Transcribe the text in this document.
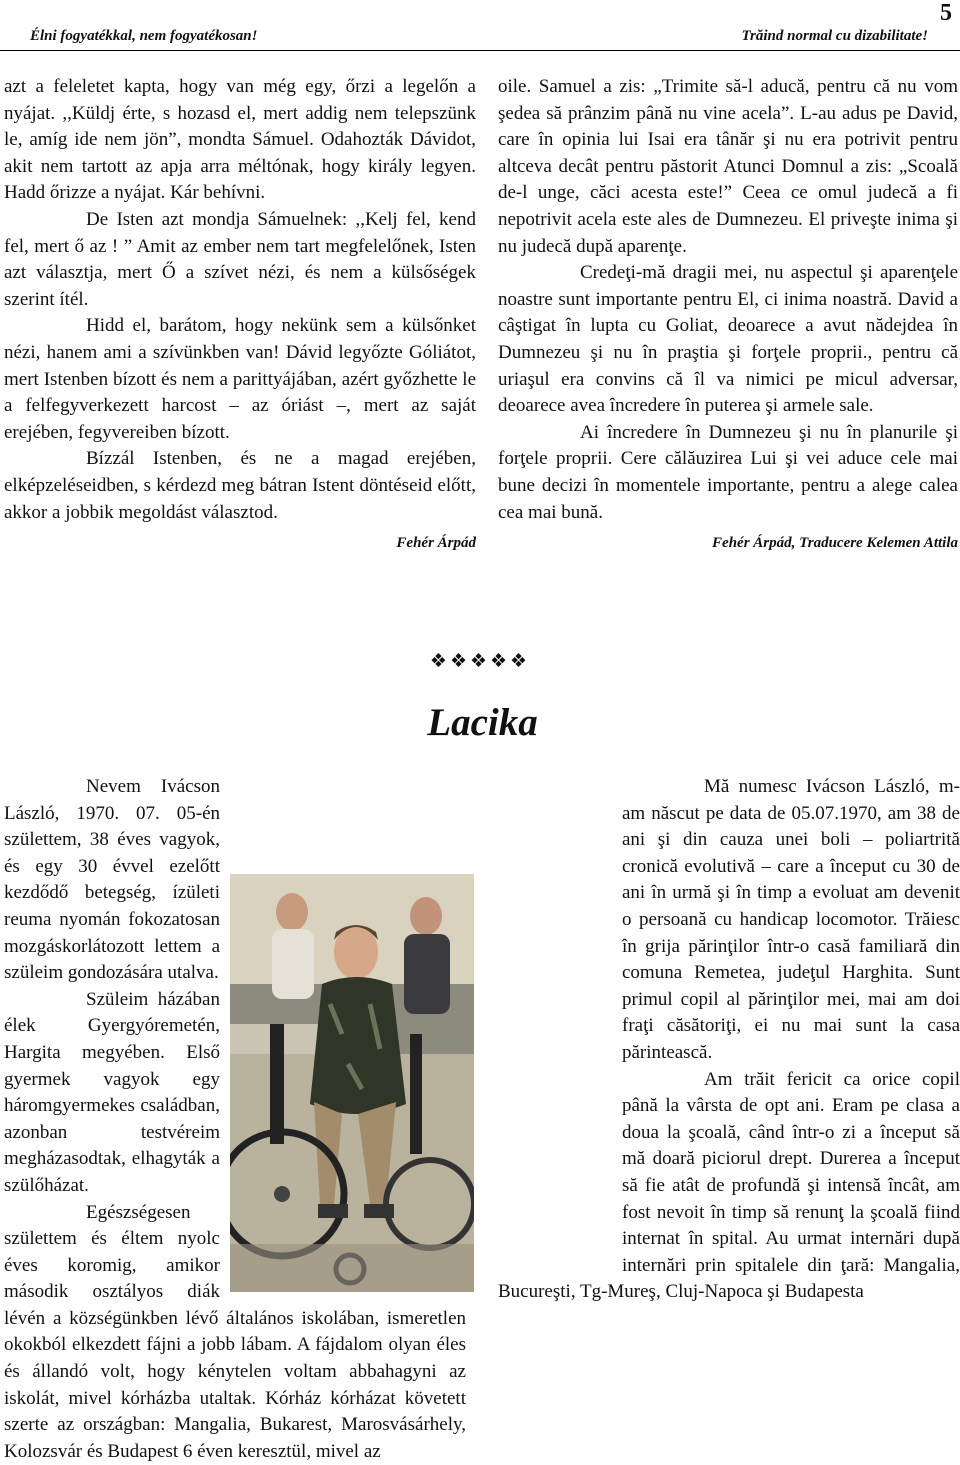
Élni fogyatékkal, nem fogyatékosan!	Trăind normal cu dizabilitate!
5

azt a feleletet kapta, hogy van még egy, őrzi a legelőn a nyájat. ,,Küldj érte, s hozasd el, mert addig nem telepszünk le, amíg ide nem jön”, mondta Sámuel. Odahozták Dávidot, akit nem tartott az apja arra méltónak, hogy király legyen. Hadd őrizze a nyájat. Kár behívni.

De Isten azt mondja Sámuelnek: ,,Kelj fel, kend fel, mert ő az ! ” Amit az ember nem tart megfelelőnek, Isten azt választja, mert Ő a szívet nézi, és nem a külsőségek szerint ítél.

Hidd el, barátom, hogy nekünk sem a külsőnket nézi, hanem ami a szívünkben van! Dávid legyőzte Góliátot, mert Istenben bízott és nem a parittyájában, azért győzhette le a felfegyverkezett harcost – az óriást –, mert az saját erejében, fegyvereiben bízott.

Bízzál Istenben, és ne a magad erejében, elképzeléseidben, s kérdezd meg bátran Istent döntéseid előtt, akkor a jobbik megoldást választod.

Fehér Árpád

oile. Samuel a zis: „Trimite să-l aducă, pentru că nu vom şedea să prânzim până nu vine acela”. L-au adus pe David, care în opinia lui Isai era tânăr şi nu era potrivit pentru altceva decât pentru păstorit Atunci Domnul a zis: „Scoală de-l unge, căci acesta este!” Ceea ce omul judecă a fi nepotrivit acela este ales de Dumnezeu. El priveşte inima şi nu judecă după aparenţe.

Credeţi-mă dragii mei, nu aspectul şi aparenţele noastre sunt importante pentru El, ci inima noastră. David a câştigat în lupta cu Goliat, deoarece a avut nădejdea în Dumnezeu şi nu în praştia şi forţele proprii., pentru că uriaşul era convins că îl va nimici pe micul adversar, deoarece avea încredere în puterea şi armele sale.

Ai încredere în Dumnezeu şi nu în planurile şi forţele proprii. Cere călăuzirea Lui şi vei aduce cele mai bune decizi în momentele importante, pentru a alege calea cea mai bună.

Fehér Árpád, Traducere Kelemen Attila
❖❖❖❖❖
Lacika

Nevem Ivácson László, 1970. 07. 05-én születtem, 38 éves vagyok, és egy 30 évvel ezelőtt kezdődő betegség, ízületi reuma nyomán fokozatosan mozgáskorlátozott lettem a szüleim gondozására utalva.

Szüleim házában élek Gyergyóremetén, Hargita megyében. Első gyermek vagyok egy háromgyermekes családban, azonban testvéreim megházasodtak, elhagyták a szülőházat.

Egészségesen születtem és éltem nyolc éves koromig, amikor második osztályos diák lévén a községünkben lévő általános iskolában, ismeretlen okokból elkezdett fájni a jobb lábam. A fájdalom olyan éles és állandó volt, hogy kénytelen voltam abbahagyni az iskolát, mivel kórházba utaltak. Kórház kórházat követett szerte az országban: Mangalia, Bukarest, Marosvásárhely, Kolozsvár és Budapest 6 éven keresztül, mivel az

Mă numesc Ivácson László, m-am născut pe data de 05.07.1970, am 38 de ani şi din cauza unei boli – poliartrită cronică evolutivă – care a început cu 30 de ani în urmă şi în timp a evoluat am devenit o persoană cu handicap locomotor. Trăiesc în grija părinţilor într-o casă familiară din comuna Remetea, judeţul Harghita. Sunt primul copil al părinţilor mei, mai am doi fraţi căsătoriţi, ei nu mai sunt la casa părintească.

Am trăit fericit ca orice copil până la vârsta de opt ani. Eram pe clasa a doua la şcoală, când într-o zi a început să mă doară piciorul drept. Durerea a început să fie atât de profundă şi intensă încât, am fost nevoit în timp să renunţ la şcoală fiind internat în spital. Au urmat internări după internări prin spitalele din ţară: Mangalia, Bucureşti, Tg-Mureş, Cluj-Napoca şi Budapesta
